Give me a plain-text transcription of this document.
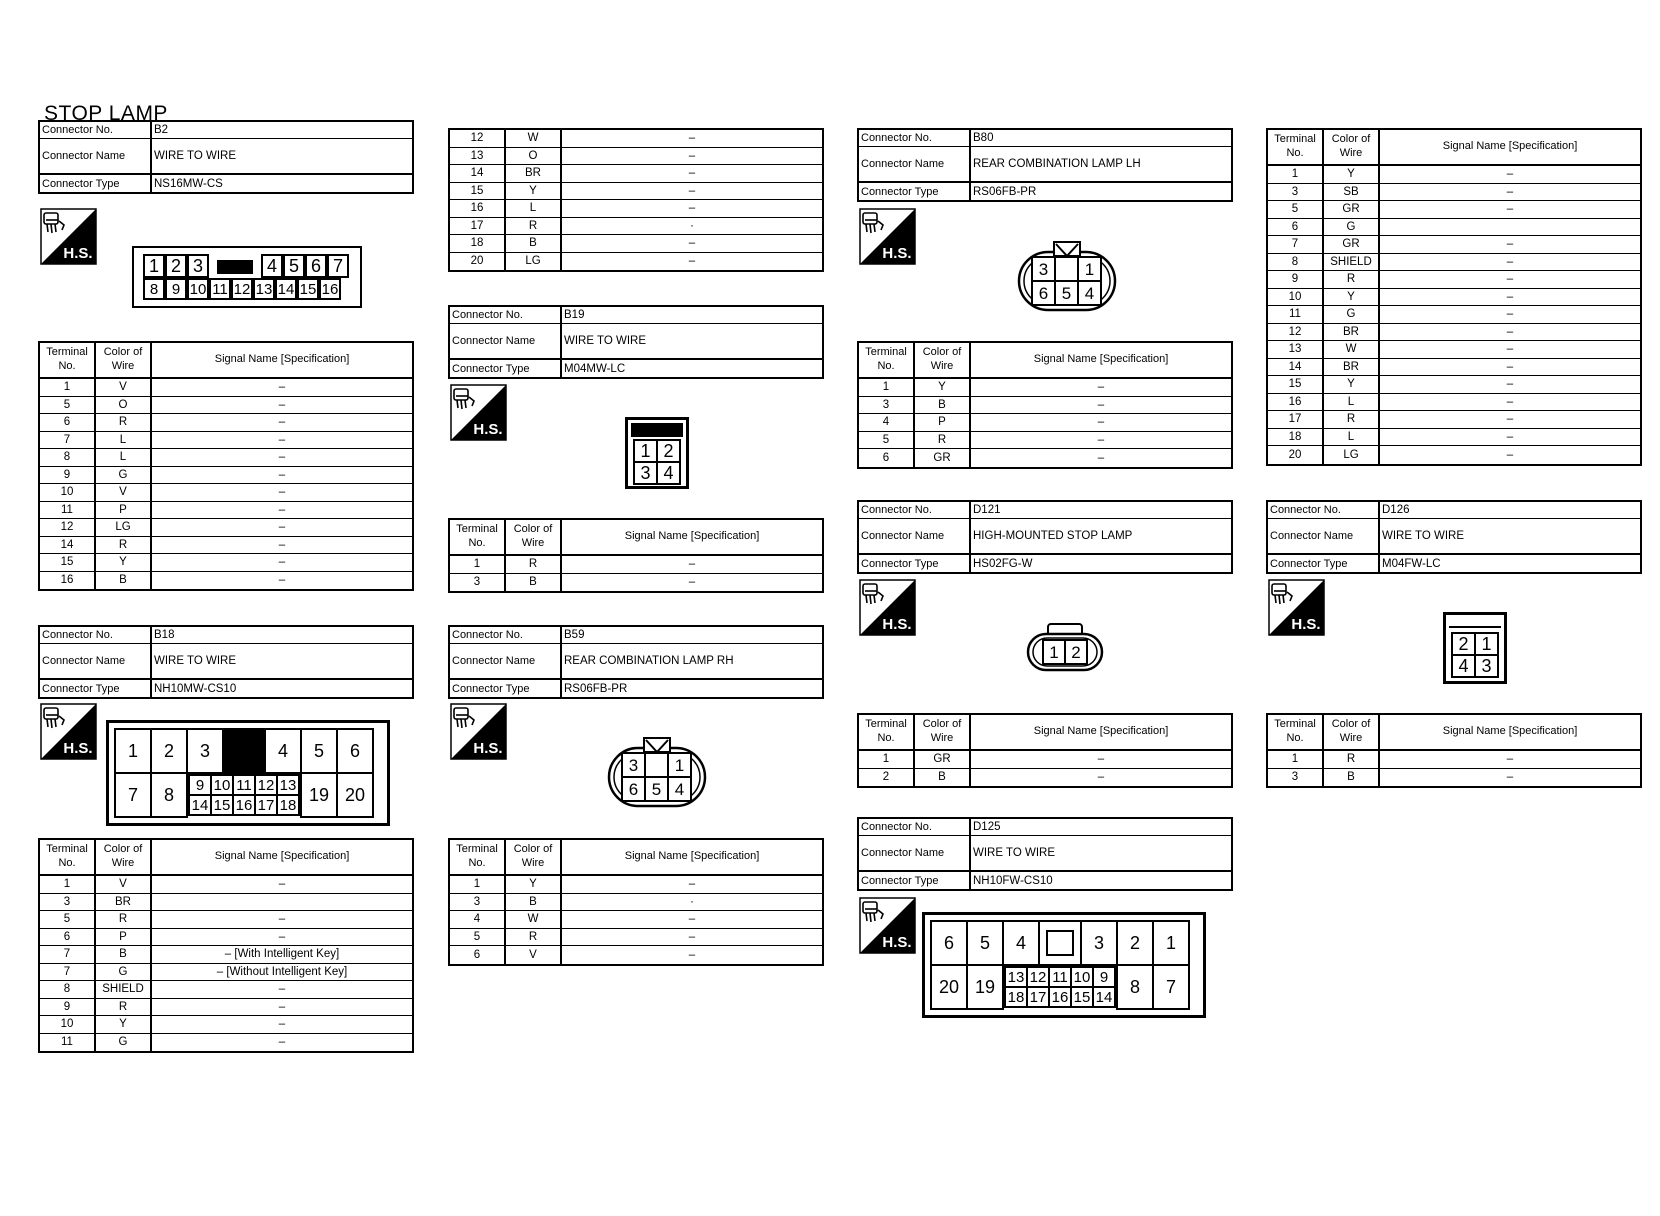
STOP LAMP
Connector No.	B2
Connector Name	WIRE TO WIRE
Connector Type	NS16MW-CS
H.S.
1 2 3	4 5 6 7
8 9 10 11 12 13 14 15 16
Terminal No.
Color of Wire
Signal Name [Specification]
1	V	–
5	O	–
6	R	–
7	L	–
8	L	–
9	G	–
10	V	–
11	P	–
12	LG	–
14	R	–
15	Y	–
16	B	–
Connector No.	B18
Connector Name	WIRE TO WIRE
Connector Type	NH10MW-CS10
H.S.	1	2	3	4	5	6
7	8	9 10 11 12 13
14 15 16 17 18
19 20
Terminal No.
Color of Wire
Signal Name [Specification]
1	V	–
3	BR
5	R	–
6	P	–
7	B	– [With Intelligent Key]
7	G	– [Without Intelligent Key]
8	SHIELD	–
9	R	–
10	Y	–
11	G	–
12	W	–
13	O	–
14	BR	–
15	Y	–
16	L	–
17	R	·
18	B	–
20	LG	–
Connector No.	B19
Connector Name	WIRE TO WIRE
Connector Type	M04MW-LC
H.S.
1 2
3 4
Terminal No.
Color of Wire
Signal Name [Specification]
1	R	–
3	B	–
Connector No.	B59
Connector Name	REAR COMBINATION LAMP RH
Connector Type	RS06FB-PR
H.S.
3 1
6 5 4
Terminal No.
Color of Wire
Signal Name [Specification]
1	Y	–
3	B	·
4	W	–
5	R	–
6	V	–
Connector No.	B80
Connector Name	REAR COMBINATION LAMP LH
Connector Type	RS06FB-PR
H.S.
3 1
6 5 4
Terminal No.
Color of Wire
Signal Name [Specification]
1	Y	–
3	B	–
4	P	–
5	R	–
6	GR	–
Connector No.	D121
Connector Name	HIGH-MOUNTED STOP LAMP
Connector Type	HS02FG-W
H.S.
1 2
Terminal No.
Color of Wire
Signal Name [Specification]
1	GR	–
2	B	–
Connector No.	D125
Connector Name	WIRE TO WIRE
Connector Type	NH10FW-CS10
H.S.	6	5	4	3	2	1
20 19 13 12 11 10 9
18 17 16 15 14
8	7
Terminal No.
Color of Wire
Signal Name [Specification]
1	Y	–
3	SB	–
5	GR	–
6	G
7	GR	–
8	SHIELD	–
9	R	–
10	Y	–
11	G	–
12	BR	–
13	W	–
14	BR	–
15	Y	–
16	L	–
17	R	–
18	L	–
20	LG	–
Connector No.	D126
Connector Name	WIRE TO WIRE
Connector Type	M04FW-LC
H.S.
2 1
4 3
Terminal No.
Color of Wire
Signal Name [Specification]
1	R	–
3	B	–
